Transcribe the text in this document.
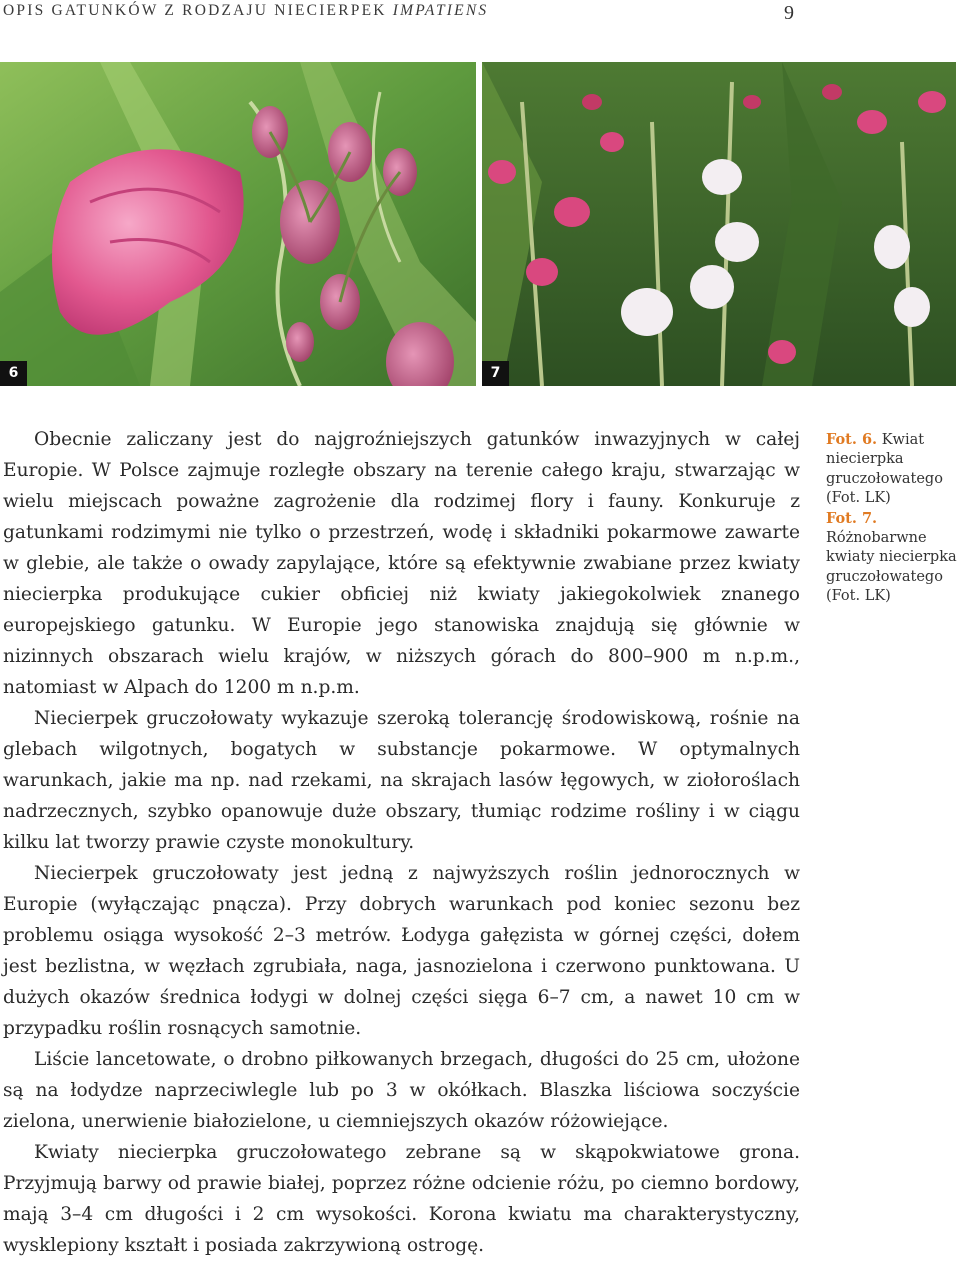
OPIS GATUNKÓW Z RODZAJU NIECIERPEK IMPATIENS	9
6	7

Obecnie zaliczany jest do najgroźniejszych gatunków inwazyjnych w całej Europie. W Polsce zajmuje rozległe obszary na terenie całego kraju, stwarzając w wielu miejscach poważne zagrożenie dla rodzimej flory i fauny. Konkuruje z gatunkami rodzimymi nie tylko o przestrzeń, wodę i składniki pokarmowe zawarte w glebie, ale także o owady zapylające, które są efektywnie zwabiane przez kwiaty niecierpka produkujące cukier obficiej niż kwiaty jakiegokolwiek znanego europejskiego gatunku. W Europie jego stanowiska znajdują się głównie w nizinnych obszarach wielu krajów, w niższych górach do 800–900 m n.p.m., natomiast w Alpach do 1200 m n.p.m.

Niecierpek gruczołowaty wykazuje szeroką tolerancję środowiskową, rośnie na glebach wilgotnych, bogatych w substancje pokarmowe. W optymalnych warunkach, jakie ma np. nad rzekami, na skrajach lasów łęgowych, w ziołoroślach nadrzecznych, szybko opanowuje duże obszary, tłumiąc rodzime rośliny i w ciągu kilku lat tworzy prawie czyste monokultury.

Niecierpek gruczołowaty jest jedną z najwyższych roślin jednorocznych w Europie (wyłączając pnącza). Przy dobrych warunkach pod koniec sezonu bez problemu osiąga wysokość 2–3 metrów. Łodyga gałęzista w górnej części, dołem jest bezlistna, w węzłach zgrubiała, naga, jasnozielona i czerwono punktowana. U dużych okazów średnica łodygi w dolnej części sięga 6–7 cm, a nawet 10 cm w przypadku roślin rosnących samotnie.

Liście lancetowate, o drobno piłkowanych brzegach, długości do 25 cm, ułożone są na łodydze naprzeciwlegle lub po 3 w okółkach. Blaszka liściowa soczyście zielona, unerwienie białozielone, u ciemniejszych okazów różowiejące.

Kwiaty niecierpka gruczołowatego zebrane są w skąpokwiatowe grona. Przyjmują barwy od prawie białej, poprzez różne odcienie różu, po ciemno bordowy, mają 3–4 cm długości i 2 cm wysokości. Korona kwiatu ma charakterystyczny, wysklepiony kształt i posiada zakrzywioną ostrogę.

Fot. 6. Kwiat niecierpka gruczołowatego (Fot. LK)

Fot. 7. Różnobarwne kwiaty niecierpka gruczołowatego (Fot. LK)
